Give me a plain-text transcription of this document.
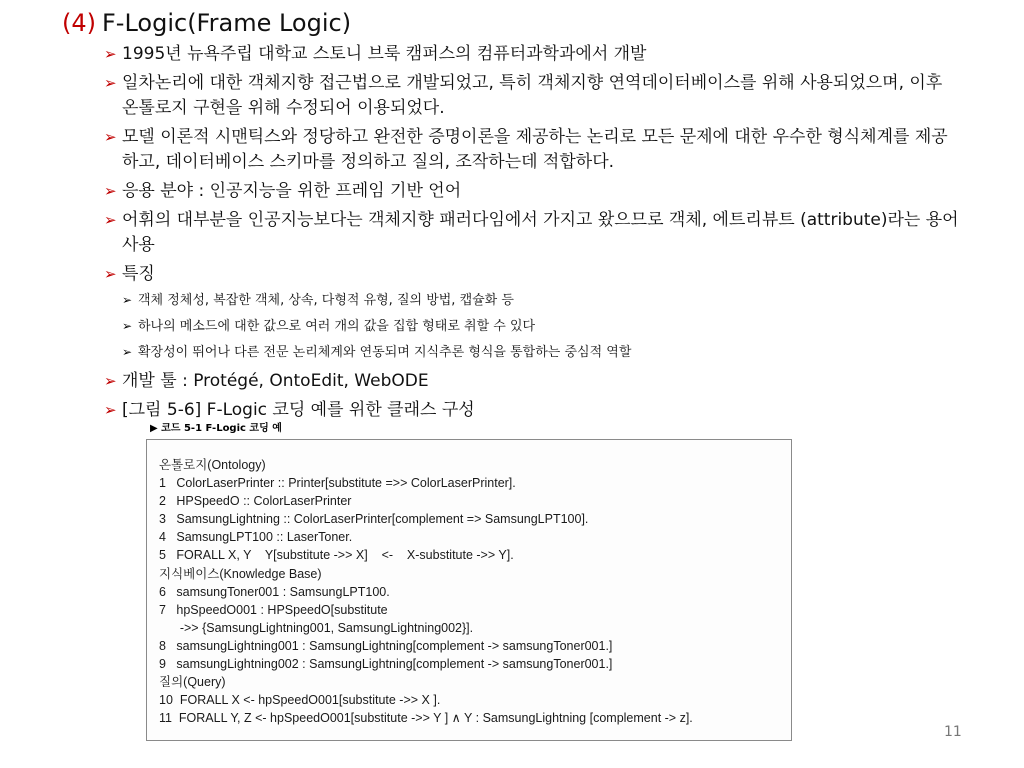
(4) F-Logic(Frame Logic)
➢ 1995년 뉴욕주립 대학교 스토니 브룩 캠퍼스의 컴퓨터과학과에서 개발
➢ 일차논리에 대한 객체지향 접근법으로 개발되었고, 특히 객체지향 연역데이터베이스를 위해 사용되었으며, 이후 온톨로지 구현을 위해 수정되어 이용되었다.
➢ 모델 이론적 시맨틱스와 정당하고 완전한 증명이론을 제공하는 논리로 모든 문제에 대한 우수한 형식체계를 제공하고, 데이터베이스 스키마를 정의하고 질의, 조작하는데 적합하다.
➢ 응용 분야 : 인공지능을 위한 프레임 기반 언어
➢ 어휘의 대부분을 인공지능보다는 객체지향 패러다임에서 가지고 왔으므로 객체, 에트리뷰트 (attribute)라는 용어 사용
➢ 특징
➢ 객체 정체성, 복잡한 객체, 상속, 다형적 유형, 질의 방법, 캡슐화 등
➢ 하나의 메소드에 대한 값으로 여러 개의 값을 집합 형태로 취할 수 있다
➢ 확장성이 뛰어나 다른 전문 논리체계와 연동되며 지식추론 형식을 통합하는 중심적 역할
➢ 개발 툴 : Protégé, OntoEdit, WebODE
➢ [그림 5-6] F-Logic 코딩 예를 위한 클래스 구성
▶ 코드 5-1 F-Logic 코딩 예
온톨로지(Ontology)
1   ColorLaserPrinter :: Printer[substitute =>> ColorLaserPrinter].
2   HPSpeedO :: ColorLaserPrinter
3   SamsungLightning :: ColorLaserPrinter[complement => SamsungLPT100].
4   SamsungLPT100 :: LaserToner.
5   FORALL X, Y    Y[substitute ->> X]    <-    X-substitute ->> Y].
지식베이스(Knowledge Base)
6   samsungToner001 : SamsungLPT100.
7   hpSpeedO001 : HPSpeedO[substitute
->> {SamsungLightning001, SamsungLightning002}].
8   samsungLightning001 : SamsungLightning[complement -> samsungToner001.]
9   samsungLightning002 : SamsungLightning[complement -> samsungToner001.]
질의(Query)
10  FORALL X <- hpSpeedO001[substitute ->> X ].
11  FORALL Y, Z <- hpSpeedO001[substitute ->> Y ] ∧ Y : SamsungLightning [complement -> z].
11
